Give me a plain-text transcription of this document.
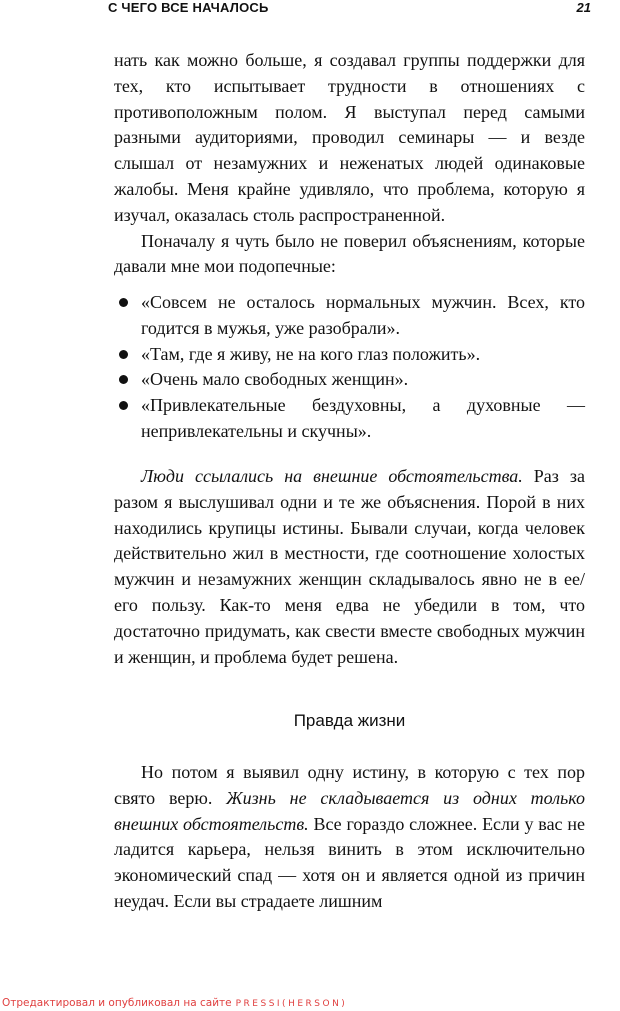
С ЧЕГО ВСЕ НАЧАЛОСЬ	21

нать как можно больше, я создавал группы поддержки для тех, кто испытывает трудности в отношениях с противоположным полом. Я выступал перед самыми разными аудиториями, проводил семинары — и везде слышал от незамужних и неженатых людей одинаковые жалобы. Меня крайне удивляло, что проблема, которую я изучал, оказалась столь распространенной.

Поначалу я чуть было не поверил объяснениям, которые давали мне мои подопечные:

«Совсем не осталось нормальных мужчин. Всех, кто годится в мужья, уже разобрали».
«Там, где я живу, не на кого глаз положить».
«Очень мало свободных женщин».
«Привлекательные бездуховны, а духовные — непривлекательны и скучны».

Люди ссылались на внешние обстоятельства. Раз за разом я выслушивал одни и те же объяснения. Порой в них находились крупицы истины. Бывали случаи, когда человек действительно жил в местности, где соотношение холостых мужчин и незамужних женщин складывалось явно не в ее/его пользу. Как-то меня едва не убедили в том, что достаточно придумать, как свести вместе свободных мужчин и женщин, и проблема будет решена.

Правда жизни

Но потом я выявил одну истину, в которую с тех пор свято верю. Жизнь не складывается из одних только внешних обстоятельств. Все гораздо сложнее. Если у вас не ладится карьера, нельзя винить в этом исключительно экономический спад — хотя он и является одной из причин неудач. Если вы страдаете лишним

Отредактировал и опубликовал на сайте PRESSI(HERSON)
